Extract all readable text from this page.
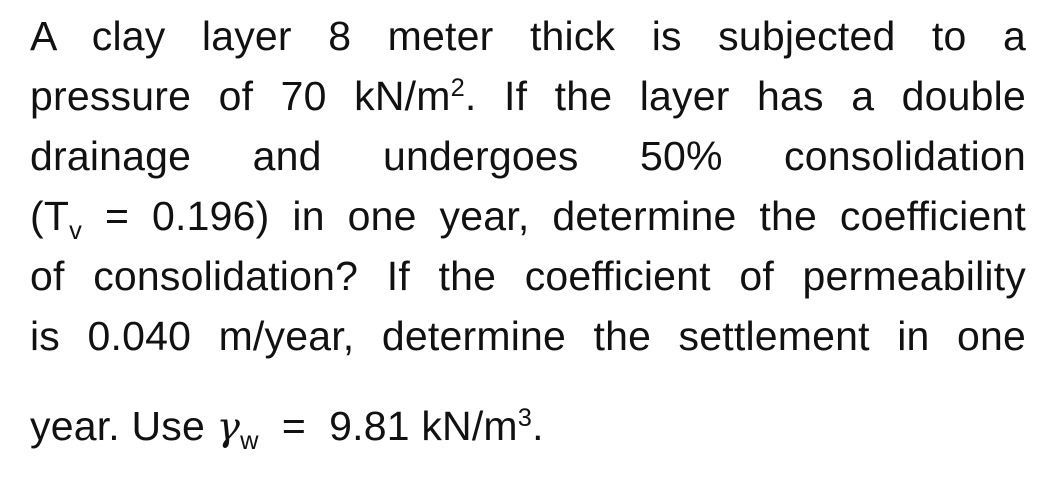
A clay layer 8 meter thick is subjected to a
pressure of 70 $kN/m^2$. If the layer has a double
drainage and undergoes 50% consolidation
$(T_v = 0.196)$ in one year, determine the coefficient
of consolidation? If the coefficient of permeability
is 0.040 m/year, determine the settlement in one
year. Use $\gamma_w = 9.81$ $kN/m^3$.
